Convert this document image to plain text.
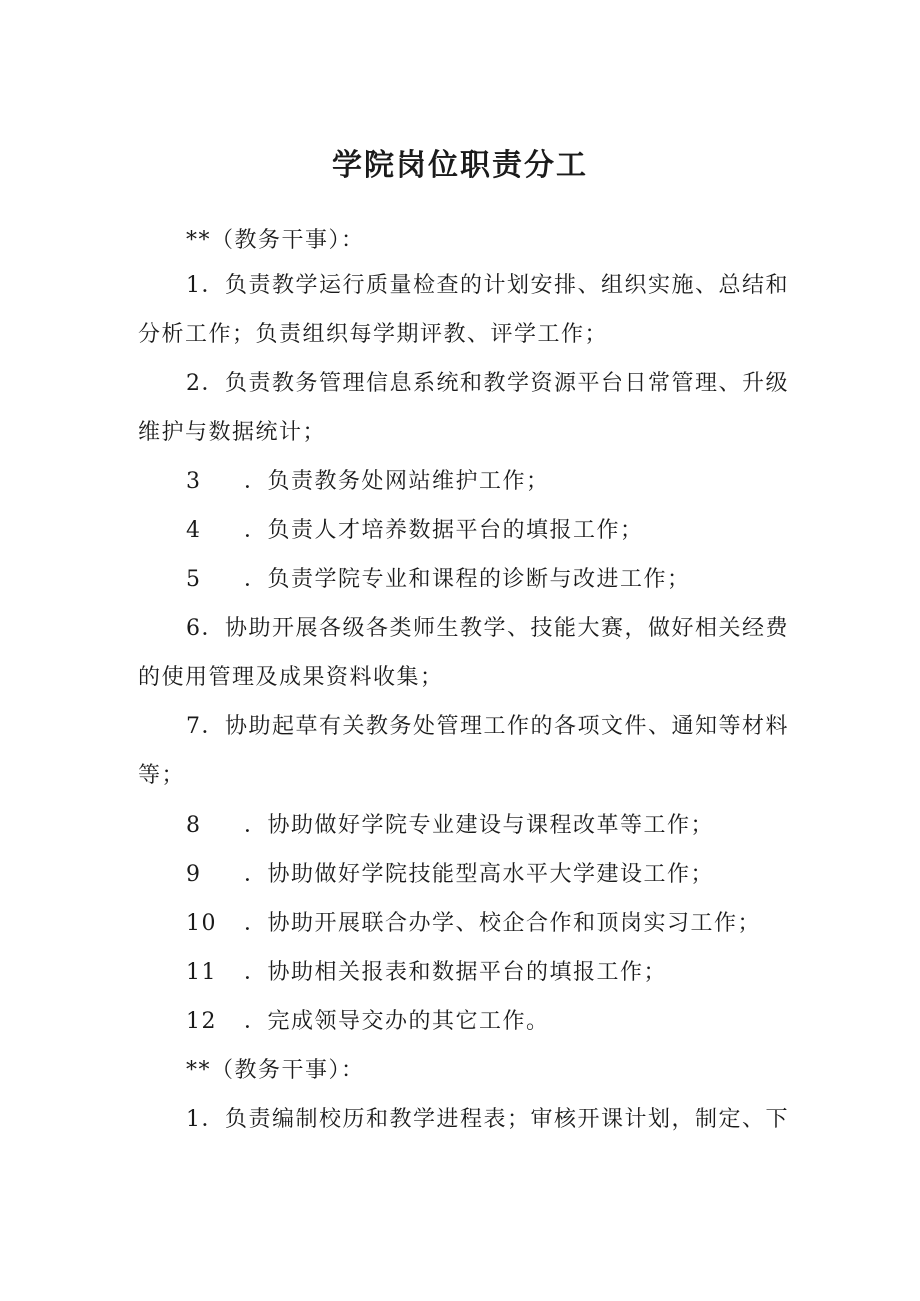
学院岗位职责分工
**（教务干事）：
1．负责教学运行质量检查的计划安排、组织实施、总结和
分析工作；负责组织每学期评教、评学工作；
2．负责教务管理信息系统和教学资源平台日常管理、升级
维护与数据统计；
3 ．负责教务处网站维护工作；
4 ．负责人才培养数据平台的填报工作；
5 ．负责学院专业和课程的诊断与改进工作；
6．协助开展各级各类师生教学、技能大赛，做好相关经费
的使用管理及成果资料收集；
7．协助起草有关教务处管理工作的各项文件、通知等材料
等；
8 ．协助做好学院专业建设与课程改革等工作；
9 ．协助做好学院技能型高水平大学建设工作；
10 ．协助开展联合办学、校企合作和顶岗实习工作；
11 ．协助相关报表和数据平台的填报工作；
12 ．完成领导交办的其它工作。
**（教务干事）：
1．负责编制校历和教学进程表；审核开课计划，制定、下
